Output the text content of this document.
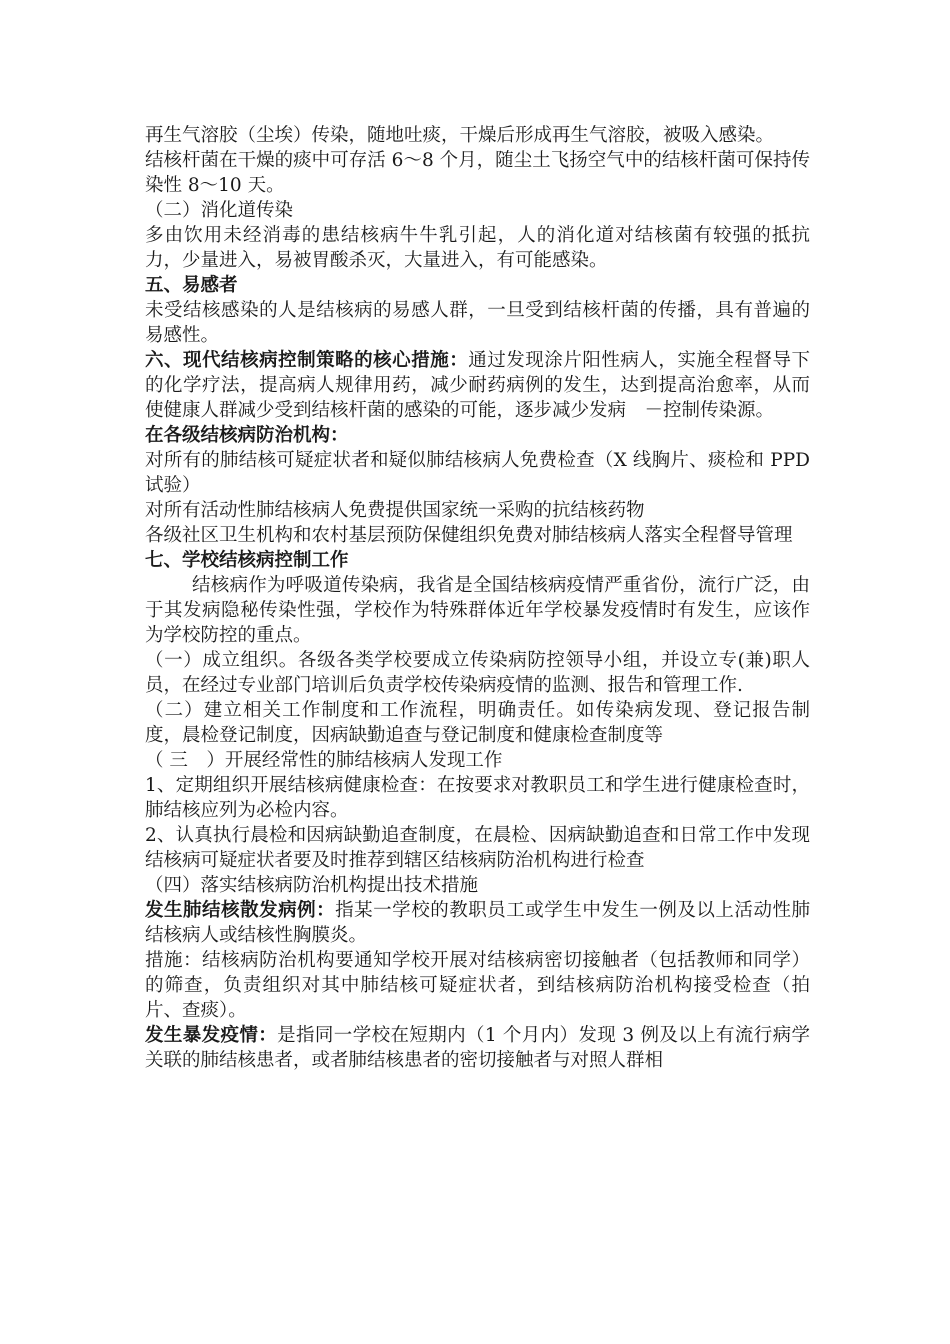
再生气溶胶（尘埃）传染，随地吐痰，干燥后形成再生气溶胶，被吸入感染。

结核杆菌在干燥的痰中可存活 6～8 个月，随尘土飞扬空气中的结核杆菌可保持传染性 8～10 天。

（二）消化道传染

多由饮用未经消毒的患结核病牛牛乳引起，人的消化道对结核菌有较强的抵抗力，少量进入，易被胃酸杀灭，大量进入，有可能感染。

五、易感者

未受结核感染的人是结核病的易感人群，一旦受到结核杆菌的传播，具有普遍的易感性。

六、现代结核病控制策略的核心措施：通过发现涂片阳性病人，实施全程督导下的化学疗法，提高病人规律用药，减少耐药病例的发生，达到提高治愈率，从而使健康人群减少受到结核杆菌的感染的可能，逐步减少发病　－控制传染源。

在各级结核病防治机构：

对所有的肺结核可疑症状者和疑似肺结核病人免费检查（X 线胸片、痰检和 PPD 试验）

对所有活动性肺结核病人免费提供国家统一采购的抗结核药物

各级社区卫生机构和农村基层预防保健组织免费对肺结核病人落实全程督导管理

七、学校结核病控制工作

结核病作为呼吸道传染病，我省是全国结核病疫情严重省份，流行广泛，由于其发病隐秘传染性强，学校作为特殊群体近年学校暴发疫情时有发生，应该作为学校防控的重点。

（一）成立组织。各级各类学校要成立传染病防控领导小组，并设立专(兼)职人员，在经过专业部门培训后负责学校传染病疫情的监测、报告和管理工作.

（二）建立相关工作制度和工作流程，明确责任。如传染病发现、登记报告制度，晨检登记制度，因病缺勤追查与登记制度和健康检查制度等

（ 三　）开展经常性的肺结核病人发现工作

1、定期组织开展结核病健康检查：在按要求对教职员工和学生进行健康检查时，肺结核应列为必检内容。

2、认真执行晨检和因病缺勤追查制度，在晨检、因病缺勤追查和日常工作中发现结核病可疑症状者要及时推荐到辖区结核病防治机构进行检查

（四）落实结核病防治机构提出技术措施

发生肺结核散发病例：指某一学校的教职员工或学生中发生一例及以上活动性肺结核病人或结核性胸膜炎。

措施：结核病防治机构要通知学校开展对结核病密切接触者（包括教师和同学）的筛查，负责组织对其中肺结核可疑症状者，到结核病防治机构接受检查（拍片、查痰）。

发生暴发疫情：是指同一学校在短期内（1 个月内）发现 3 例及以上有流行病学关联的肺结核患者，或者肺结核患者的密切接触者与对照人群相
